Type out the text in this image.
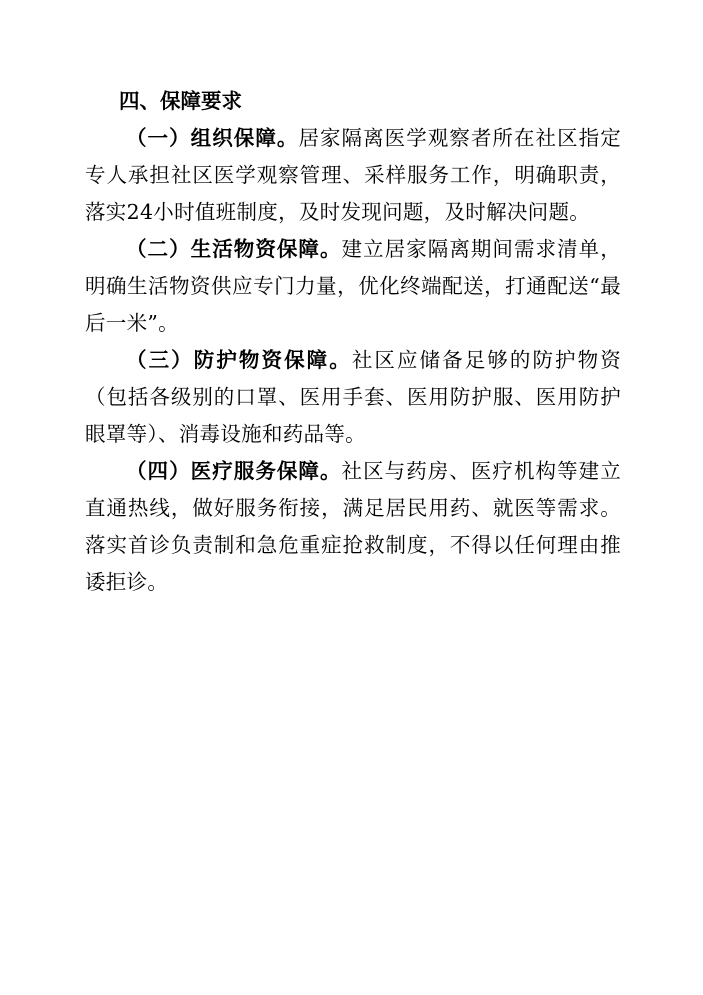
四、保障要求

（一）组织保障。居家隔离医学观察者所在社区指定专人承担社区医学观察管理、采样服务工作，明确职责，落实24小时值班制度，及时发现问题，及时解决问题。

（二）生活物资保障。建立居家隔离期间需求清单，明确生活物资供应专门力量，优化终端配送，打通配送“最后一米”。

（三）防护物资保障。社区应储备足够的防护物资（包括各级别的口罩、医用手套、医用防护服、医用防护眼罩等）、消毒设施和药品等。

（四）医疗服务保障。社区与药房、医疗机构等建立直通热线，做好服务衔接，满足居民用药、就医等需求。落实首诊负责制和急危重症抢救制度，不得以任何理由推诿拒诊。
